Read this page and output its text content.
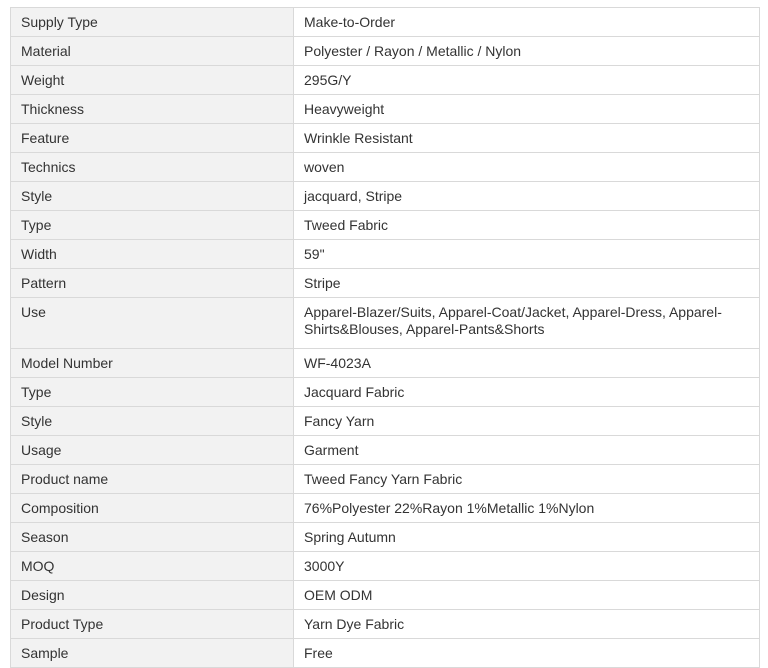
Supply Type	Make-to-Order
Material	Polyester / Rayon / Metallic / Nylon
Weight	295G/Y
Thickness	Heavyweight
Feature	Wrinkle Resistant
Technics	woven
Style	jacquard, Stripe
Type	Tweed Fabric
Width	59"
Pattern	Stripe
Use	Apparel-Blazer/Suits, Apparel-Coat/Jacket, Apparel-Dress, Apparel-Shirts&Blouses, Apparel-Pants&Shorts
Model Number	WF-4023A
Type	Jacquard Fabric
Style	Fancy Yarn
Usage	Garment
Product name	Tweed Fancy Yarn Fabric
Composition	76%Polyester 22%Rayon 1%Metallic 1%Nylon
Season	Spring Autumn
MOQ	3000Y
Design	OEM ODM
Product Type	Yarn Dye Fabric
Sample	Free
